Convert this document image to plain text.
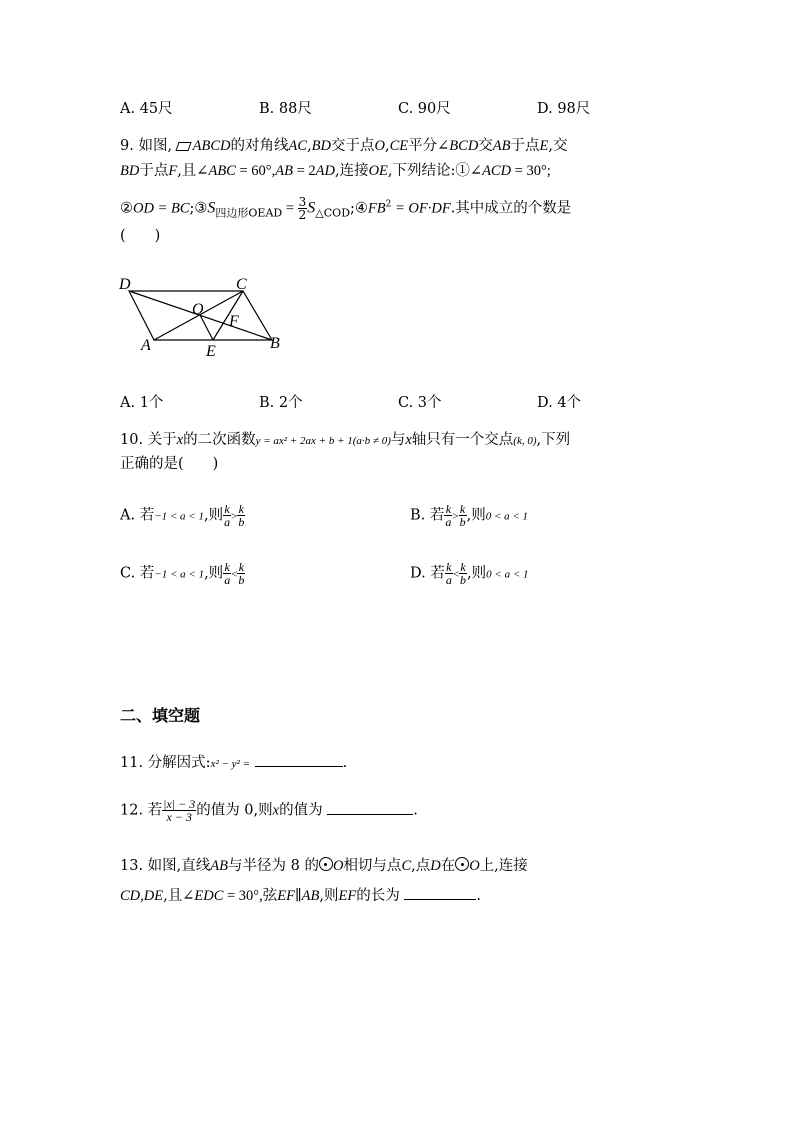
A. 45尺	B. 88尺	C. 90尺	D. 98尺
9. 如图, ABCD的对角线AC,BD交于点O,CE平分∠BCD交AB于点E,交
BD于点F,且∠ABC = 60°,AB = 2AD,连接OE,下列结论:①∠ACD = 30°;
②OD = $BC;③S_{四边形OEAD} = \frac{3}{2}$ $S_{\triangle COD};④FB^2 = OF\cdot DF$.其中成立的个数是
(　　)
D	C
O
F
A	E	B
A. 1个	B. 2个	C. 3个	D. 4个
10. 关于x的二次函数y = ax² + 2ax + b + 1(a·b ≠ 0)与x轴只有一个交点(k, 0),下列
正确的是(　　)
A. 若−1 < a < 1,则 $\frac{k}{a} > \frac{k}{b}$	B. 若 $\frac{k}{a} > \frac{k}{b}$ ,则0 < a < 1
C. 若−1 < a < 1,则 $\frac{k}{a} < \frac{k}{b}$	D. 若 $\frac{k}{a} < \frac{k}{b}$ ,则0 < a < 1
二、填空题
11. 分解因式:x² − y² =	.
12. 若 $\frac{|x| - 3}{x - 3}$ 的值为 0,则x的值为	.
13. 如图,直线AB与半径为 8 的 O相切与点C,点D在 O上,连接
CD,DE,且∠EDC = 30°,弦EF∥AB,则EF的长为	.
